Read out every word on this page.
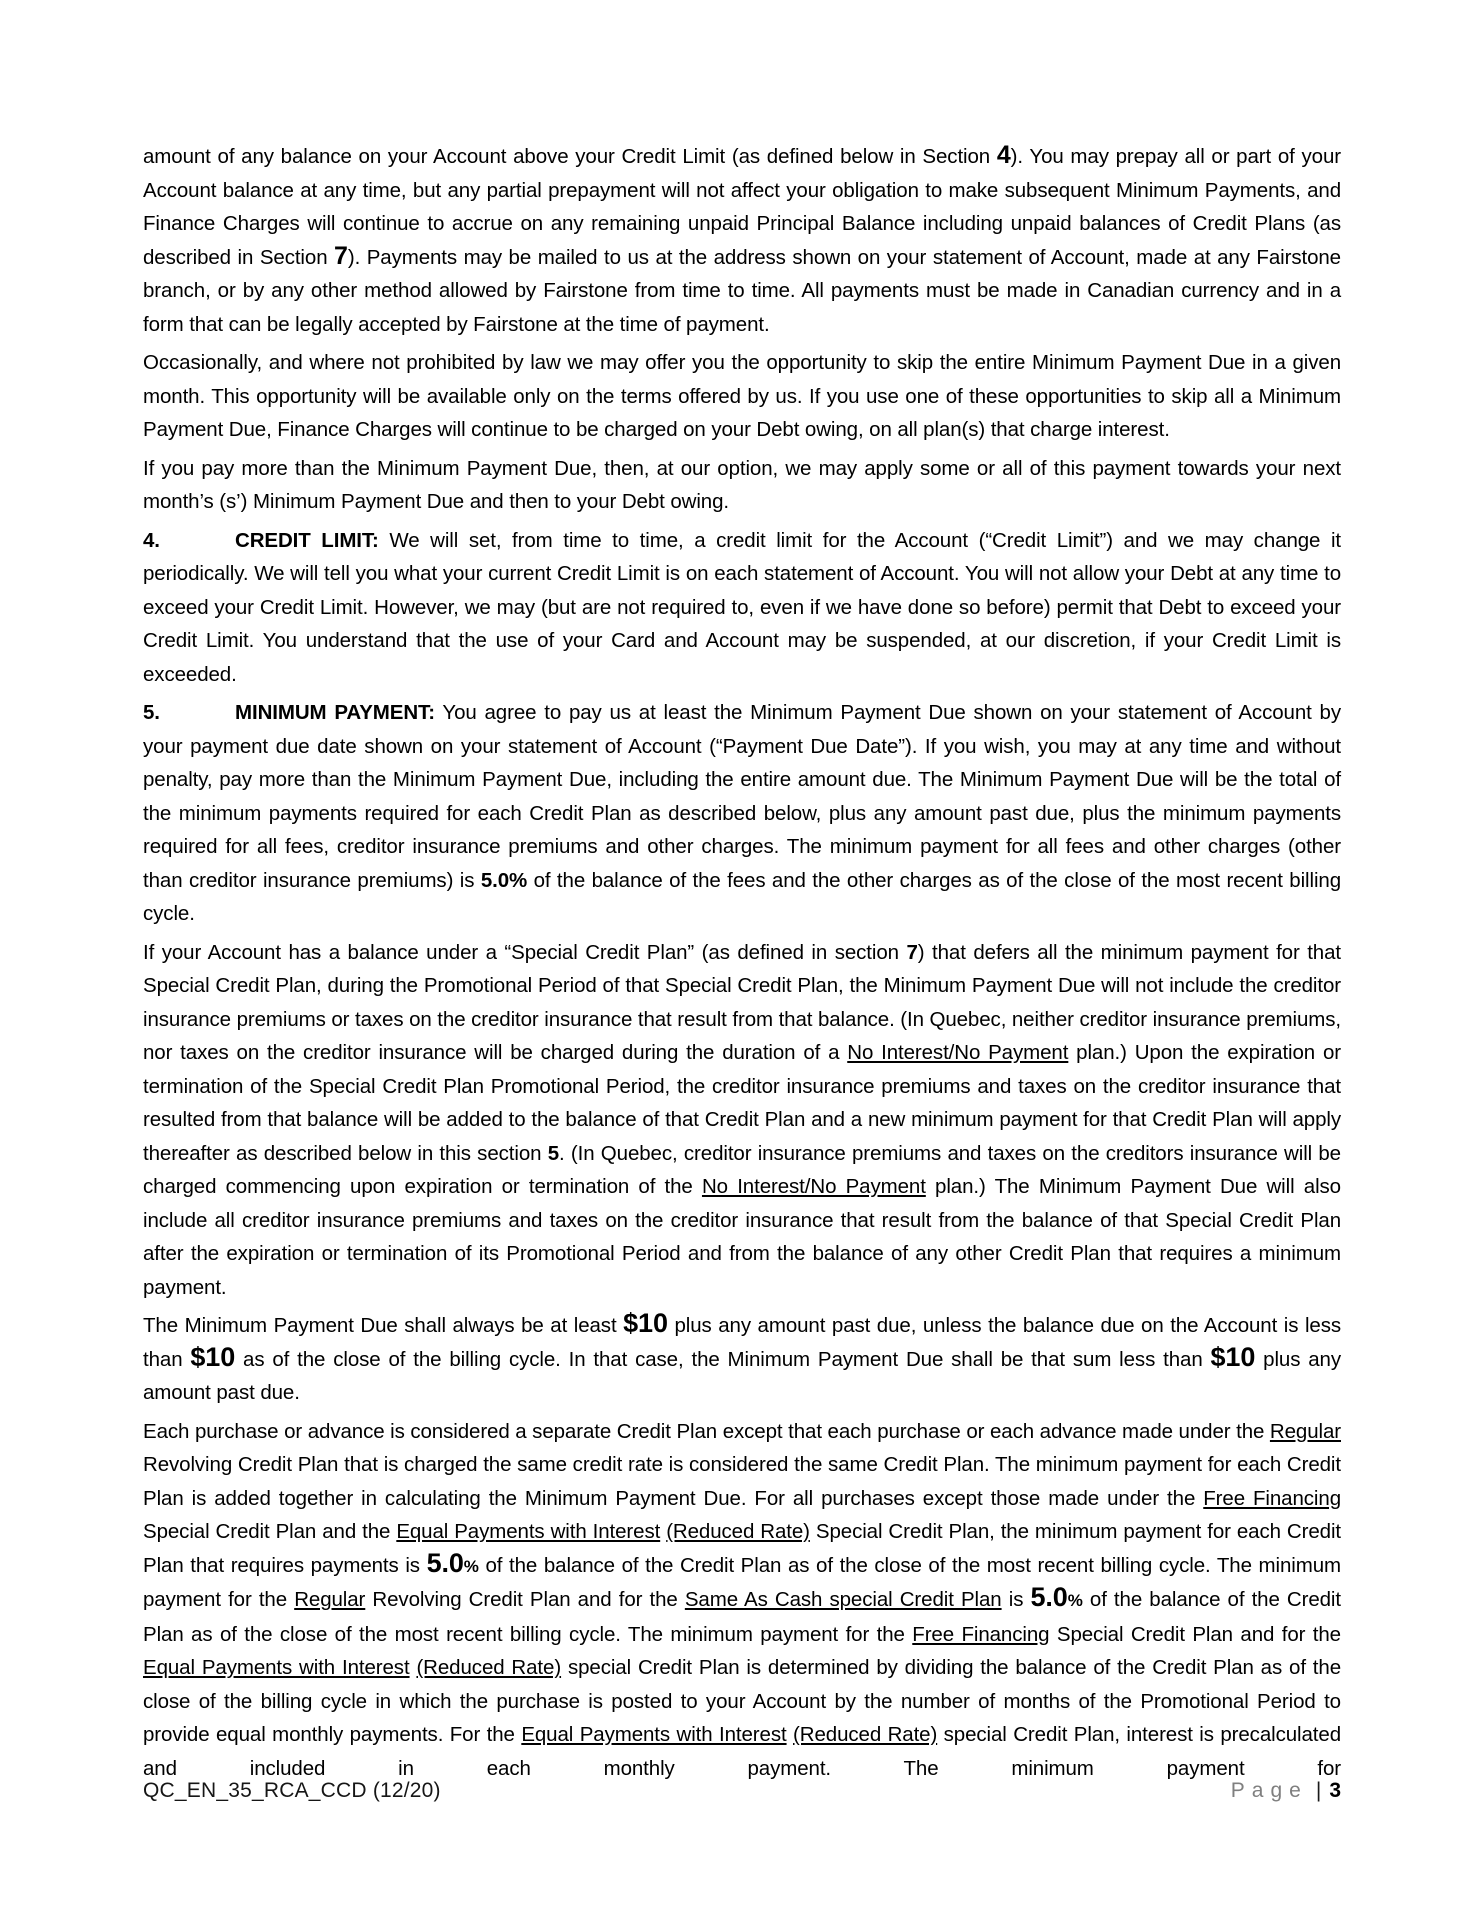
amount of any balance on your Account above your Credit Limit (as defined below in Section 4). You may prepay all or part of your Account balance at any time, but any partial prepayment will not affect your obligation to make subsequent Minimum Payments, and Finance Charges will continue to accrue on any remaining unpaid Principal Balance including unpaid balances of Credit Plans (as described in Section 7). Payments may be mailed to us at the address shown on your statement of Account, made at any Fairstone branch, or by any other method allowed by Fairstone from time to time. All payments must be made in Canadian currency and in a form that can be legally accepted by Fairstone at the time of payment.

Occasionally, and where not prohibited by law we may offer you the opportunity to skip the entire Minimum Payment Due in a given month. This opportunity will be available only on the terms offered by us. If you use one of these opportunities to skip all a Minimum Payment Due, Finance Charges will continue to be charged on your Debt owing, on all plan(s) that charge interest.

If you pay more than the Minimum Payment Due, then, at our option, we may apply some or all of this payment towards your next month’s (s’) Minimum Payment Due and then to your Debt owing.

4.	CREDIT LIMIT: We will set, from time to time, a credit limit for the Account (“Credit Limit”) and we may change it periodically. We will tell you what your current Credit Limit is on each statement of Account. You will not allow your Debt at any time to exceed your Credit Limit. However, we may (but are not required to, even if we have done so before) permit that Debt to exceed your Credit Limit. You understand that the use of your Card and Account may be suspended, at our discretion, if your Credit Limit is exceeded.

5.	MINIMUM PAYMENT: You agree to pay us at least the Minimum Payment Due shown on your statement of Account by your payment due date shown on your statement of Account (“Payment Due Date”). If you wish, you may at any time and without penalty, pay more than the Minimum Payment Due, including the entire amount due. The Minimum Payment Due will be the total of the minimum payments required for each Credit Plan as described below, plus any amount past due, plus the minimum payments required for all fees, creditor insurance premiums and other charges. The minimum payment for all fees and other charges (other than creditor insurance premiums) is 5.0% of the balance of the fees and the other charges as of the close of the most recent billing cycle.

If your Account has a balance under a “Special Credit Plan” (as defined in section 7) that defers all the minimum payment for that Special Credit Plan, during the Promotional Period of that Special Credit Plan, the Minimum Payment Due will not include the creditor insurance premiums or taxes on the creditor insurance that result from that balance. (In Quebec, neither creditor insurance premiums, nor taxes on the creditor insurance will be charged during the duration of a No Interest/No Payment plan.) Upon the expiration or termination of the Special Credit Plan Promotional Period, the creditor insurance premiums and taxes on the creditor insurance that resulted from that balance will be added to the balance of that Credit Plan and a new minimum payment for that Credit Plan will apply thereafter as described below in this section 5. (In Quebec, creditor insurance premiums and taxes on the creditors insurance will be charged commencing upon expiration or termination of the No Interest/No Payment plan.) The Minimum Payment Due will also include all creditor insurance premiums and taxes on the creditor insurance that result from the balance of that Special Credit Plan after the expiration or termination of its Promotional Period and from the balance of any other Credit Plan that requires a minimum payment.

The Minimum Payment Due shall always be at least $10 plus any amount past due, unless the balance due on the Account is less than $10 as of the close of the billing cycle. In that case, the Minimum Payment Due shall be that sum less than $10 plus any amount past due.

Each purchase or advance is considered a separate Credit Plan except that each purchase or each advance made under the Regular Revolving Credit Plan that is charged the same credit rate is considered the same Credit Plan. The minimum payment for each Credit Plan is added together in calculating the Minimum Payment Due. For all purchases except those made under the Free Financing Special Credit Plan and the Equal Payments with Interest (Reduced Rate) Special Credit Plan, the minimum payment for each Credit Plan that requires payments is 5.0% of the balance of the Credit Plan as of the close of the most recent billing cycle. The minimum payment for the Regular Revolving Credit Plan and for the Same As Cash special Credit Plan is 5.0% of the balance of the Credit Plan as of the close of the most recent billing cycle. The minimum payment for the Free Financing Special Credit Plan and for the Equal Payments with Interest (Reduced Rate) special Credit Plan is determined by dividing the balance of the Credit Plan as of the close of the billing cycle in which the purchase is posted to your Account by the number of months of the Promotional Period to provide equal monthly payments. For the Equal Payments with Interest (Reduced Rate) special Credit Plan, interest is precalculated and included in each monthly payment. The minimum payment for

QC_EN_35_RCA_CCD (12/20)	Page | 3
